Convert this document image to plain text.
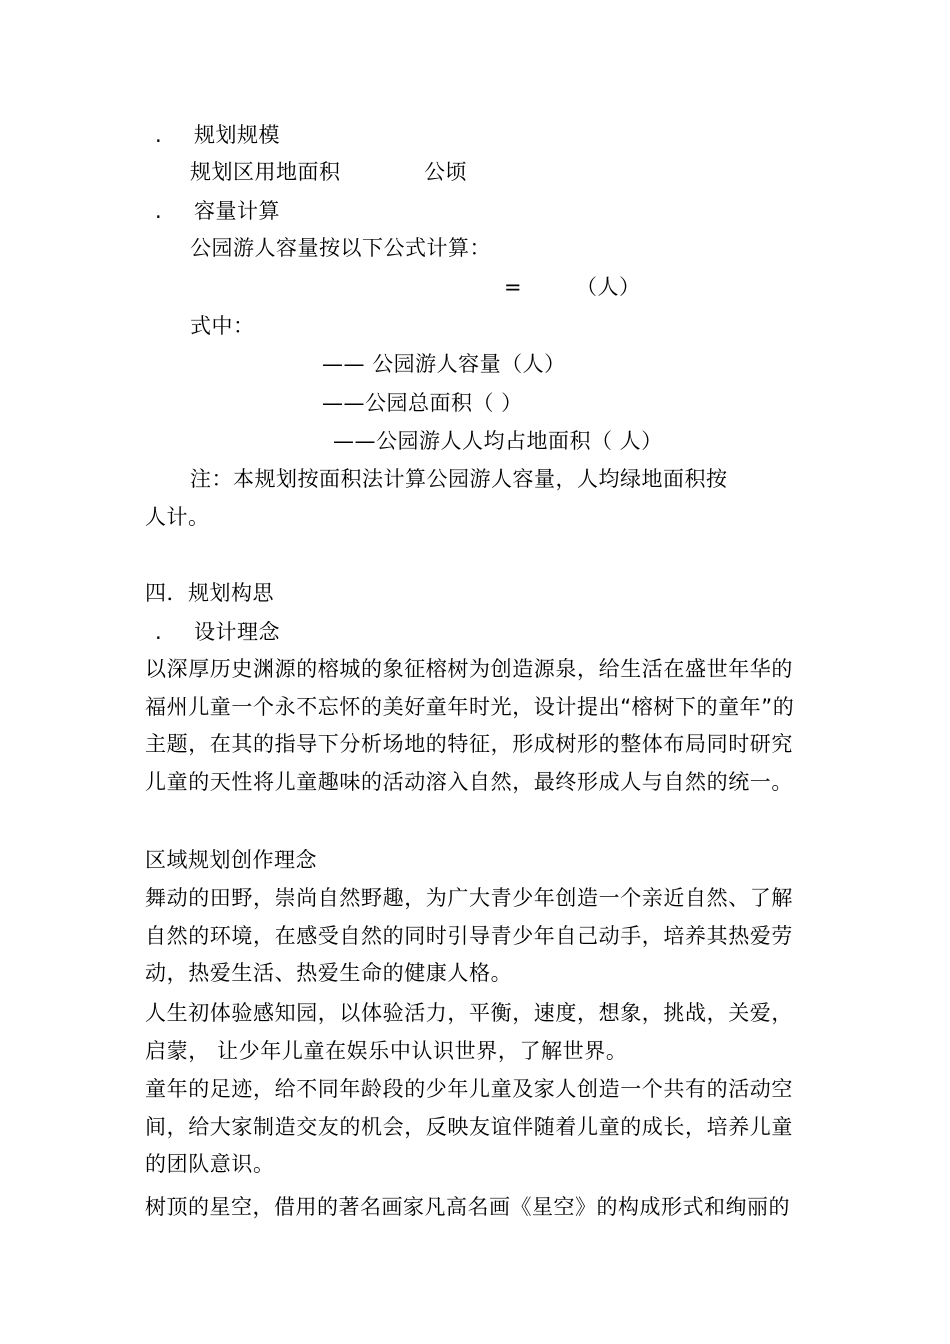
. 规划规模
规划区用地面积	公顷
. 容量计算
公园游人容量按以下公式计算：
=	（人）
式中：
—— 公园游人容量（人）
——公园总面积（ ）
——公园游人人均占地面积（ 人）
注：本规划按面积法计算公园游人容量，人均绿地面积按
人计。
四．规划构思
. 设计理念
以深厚历史渊源的榕城的象征榕树为创造源泉，给生活在盛世年华的福州儿童一个永不忘怀的美好童年时光，设计提出“榕树下的童年”的主题，在其的指导下分析场地的特征，形成树形的整体布局同时研究儿童的天性将儿童趣味的活动溶入自然，最终形成人与自然的统一。
区域规划创作理念
舞动的田野，崇尚自然野趣，为广大青少年创造一个亲近自然、了解自然的环境，在感受自然的同时引导青少年自己动手，培养其热爱劳动，热爱生活、热爱生命的健康人格。
人生初体验感知园，以体验活力，平衡，速度，想象，挑战，关爱，启蒙， 让少年儿童在娱乐中认识世界，了解世界。
童年的足迹，给不同年龄段的少年儿童及家人创造一个共有的活动空间，给大家制造交友的机会，反映友谊伴随着儿童的成长，培养儿童的团队意识。
树顶的星空，借用的著名画家凡高名画《星空》的构成形式和绚丽的
